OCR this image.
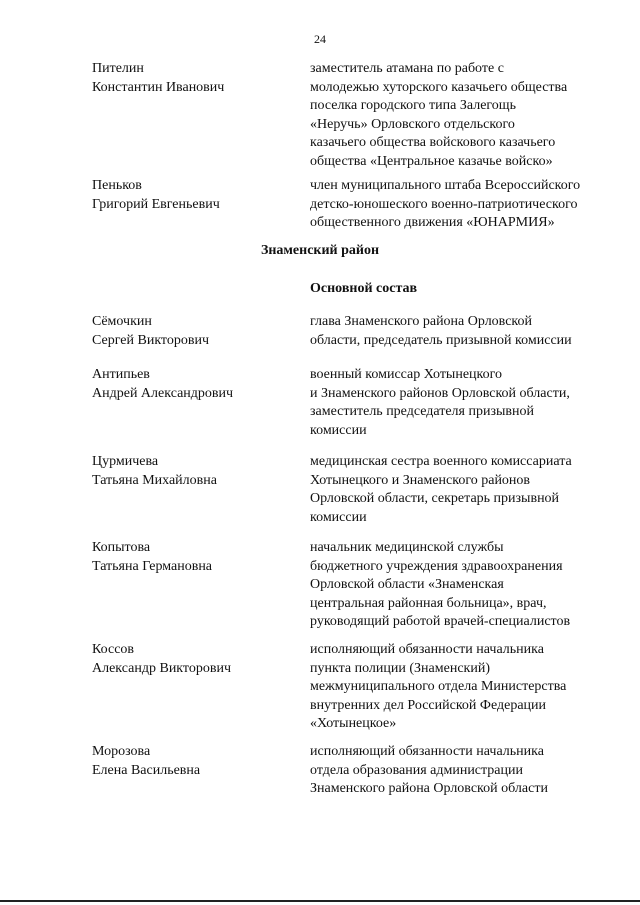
24
Пителин
Константин Иванович
заместитель атамана по работе с
молодежью хуторского казачьего общества
поселка городского типа Залегощь
«Неручь» Орловского отдельского
казачьего общества войскового казачьего
общества «Центральное казачье войско»
Пеньков
Григорий Евгеньевич
член муниципального штаба Всероссийского
детско-юношеского военно-патриотического
общественного движения «ЮНАРМИЯ»
Знаменский район
Основной состав
Сёмочкин
Сергей Викторович
глава Знаменского района Орловской
области, председатель призывной комиссии
Антипьев
Андрей Александрович
военный комиссар Хотынецкого
и Знаменского районов Орловской области,
заместитель председателя призывной
комиссии
Цурмичева
Татьяна Михайловна
медицинская сестра военного комиссариата
Хотынецкого и Знаменского районов
Орловской области, секретарь призывной
комиссии
Копытова
Татьяна Германовна
начальник медицинской службы
бюджетного учреждения здравоохранения
Орловской области «Знаменская
центральная районная больница», врач,
руководящий работой врачей-специалистов
Коссов
Александр Викторович
исполняющий обязанности начальника
пункта полиции (Знаменский)
межмуниципального отдела Министерства
внутренних дел Российской Федерации
«Хотынецкое»
Морозова
Елена Васильевна
исполняющий обязанности начальника
отдела образования администрации
Знаменского района Орловской области
